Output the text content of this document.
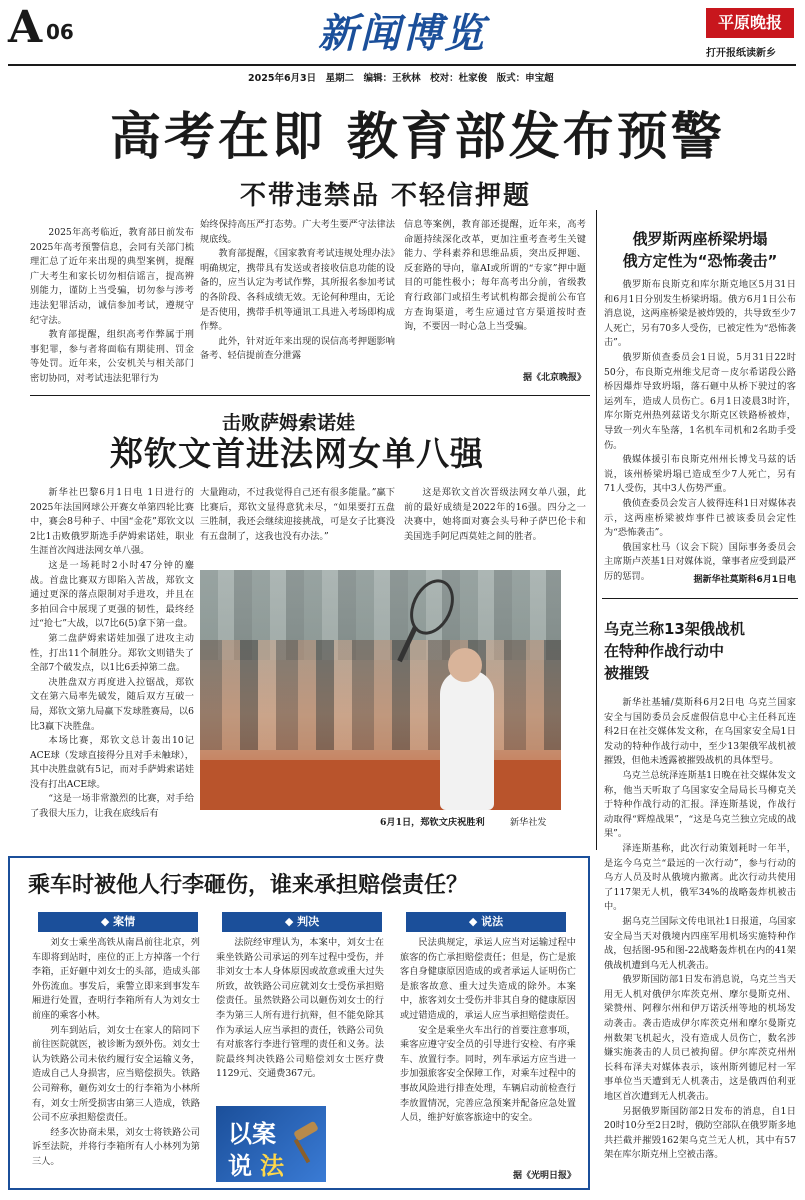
A 06	新闻博览	平原晚报
打开报纸读新乡
2025年6月3日　星期二　编辑：王秋林　校对：杜家俊　版式：申宝超
高考在即 教育部发布预警
不带违禁品 不轻信押题

2025年高考临近，教育部日前发布2025年高考预警信息，会同有关部门梳理汇总了近年来出现的典型案例，提醒广大考生和家长切勿相信谣言，提高辨别能力，谨防上当受骗，切勿参与涉考违法犯罪活动，诚信参加考试，遵规守纪守法。

教育部提醒，组织高考作弊属于刑事犯罪，参与者将面临有期徒刑、罚金等处罚。近年来，公安机关与相关部门密切协同，对考试违法犯罪行为

始终保持高压严打态势。广大考生要严守法律法规底线。

教育部提醒，《国家教育考试违规处理办法》明确规定，携带具有发送或者接收信息功能的设备的，应当认定为考试作弊，其所报名参加考试的各阶段、各科成绩无效。无论何种理由，无论是否使用，携带手机等通讯工具进入考场即构成作弊。

此外，针对近年来出现的误信高考押题影响备考、轻信提前查分泄露

信息等案例，教育部还提醒，近年来，高考命题持续深化改革，更加注重考查考生关键能力、学科素养和思维品质，突出反押题、反套路的导向，靠AI或所谓的“专家”押中题目的可能性极小；每年高考出分前，省级教育行政部门或招生考试机构都会提前公布官方查询渠道，考生应通过官方渠道按时查询，不要因一时心急上当受骗。

据《北京晚报》
击败萨姆索诺娃
郑钦文首进法网女单八强

新华社巴黎6月1日电 1日进行的2025年法国网球公开赛女单第四轮比赛中，赛会8号种子、中国“金花”郑钦文以2比1击败俄罗斯选手萨姆索诺娃，职业生涯首次闯进法网女单八强。

这是一场耗时2小时47分钟的鏖战。首盘比赛双方即陷入苦战，郑钦文通过更深的落点限制对手进攻，并且在多拍回合中展现了更强的韧性，最终经过“抢七”大战，以7比6(5)拿下第一盘。

第二盘萨姆索诺娃加强了进攻主动性，打出11个制胜分。郑钦文则错失了全部7个破发点，以1比6丢掉第二盘。

决胜盘双方再度进入拉锯战，郑钦文在第六局率先破发，随后双方互破一局，郑钦文第九局赢下发球胜赛局，以6比3赢下决胜盘。

本场比赛，郑钦文总计轰出10记ACE球（发球直接得分且对手未触球），其中决胜盘就有5记，而对手萨姆索诺娃没有打出ACE球。

“这是一场非常激烈的比赛，对手给了我很大压力，让我在底线后有

大量跑动，不过我觉得自己还有很多能量。”赢下比赛后，郑钦文显得意犹未尽，“如果要打五盘三胜制，我还会继续迎接挑战，可是女子比赛没有五盘制了，这我也没有办法。”

这是郑钦文首次晋级法网女单八强，此前的最好成绩是2022年的16强。四分之一决赛中，她将面对赛会头号种子萨巴伦卡和美国选手阿尼西莫娃之间的胜者。

6月1日，郑钦文庆祝胜利	新华社发
俄罗斯两座桥梁坍塌
俄方定性为“恐怖袭击”

俄罗斯布良斯克和库尔斯克地区5月31日和6月1日分别发生桥梁坍塌。俄方6月1日公布消息说，这两座桥梁是被炸毁的，共导致至少7人死亡，另有70多人受伤，已被定性为“恐怖袭击”。

俄罗斯侦查委员会1日说，5月31日22时50分，布良斯克州维戈尼奇－皮尔希诺段公路桥因爆炸导致坍塌，落石砸中从桥下驶过的客运列车，造成人员伤亡。6月1日凌晨3时许，库尔斯克州热列兹诺戈尔斯克区铁路桥被炸，导致一列火车坠落，1名机车司机和2名助手受伤。

俄媒体援引布良斯克州州长博戈马兹的话说，该州桥梁坍塌已造成至少7人死亡，另有71人受伤，其中3人伤势严重。

俄侦查委员会发言人彼得连科1日对媒体表示，这两座桥梁被炸事件已被该委员会定性为“恐怖袭击”。

俄国家杜马（议会下院）国际事务委员会主席斯卢茨基1日对媒体说，肇事者应受到最严厉的惩罚。	据新华社莫斯科6月1日电
乌克兰称13架俄战机
在特种作战行动中
被摧毁

新华社基辅/莫斯科6月2日电 乌克兰国家安全与国防委员会反虚假信息中心主任科瓦连科2日在社交媒体发文称，在乌国家安全局1日发动的特种作战行动中，至少13架俄军战机被摧毁，但他未透露被摧毁战机的具体型号。

乌克兰总统泽连斯基1日晚在社交媒体发文称，他当天听取了乌国家安全局局长马柳克关于特种作战行动的汇报。泽连斯基说，作战行动取得“辉煌战果”，“这是乌克兰独立完成的战果”。

泽连斯基称，此次行动策划耗时一年半，是迄今乌克兰“最远的一次行动”，参与行动的乌方人员及时从俄境内撤离。此次行动共使用了117架无人机，俄军34%的战略轰炸机被击中。

据乌克兰国际文传电讯社1日报道，乌国家安全局当天对俄境内四座军用机场实施特种作战，包括图-95和图-22战略轰炸机在内的41架俄战机遭到乌无人机袭击。

俄罗斯国防部1日发布消息说，乌克兰当天用无人机对俄伊尔库茨克州、摩尔曼斯克州、梁赞州、阿穆尔州和伊万诺沃州等地的机场发动袭击。袭击造成伊尔库茨克州和摩尔曼斯克州数架飞机起火，没有造成人员伤亡，数名涉嫌实施袭击的人员已被拘留。伊尔库茨克州州长科布泽夫对媒体表示，该州斯列德尼村一军事单位当天遭到无人机袭击，这是俄西伯利亚地区首次遭到无人机袭击。

另据俄罗斯国防部2日发布的消息，自1日20时10分至2日2时，俄防空部队在俄罗斯多地共拦截并摧毁162架乌克兰无人机，其中有57架在库尔斯克州上空被击落。

乘车时被他人行李砸伤，谁来承担赔偿责任？
◆ 案情	◆ 判决	◆ 说法

刘女士乘坐高铁从南昌前往北京，列车即将到站时，座位的正上方掉落一个行李箱，正好砸中刘女士的头部，造成头部外伤流血。事发后，乘警立即来到事发车厢进行处置，查明行李箱所有人为刘女士前座的乘客小林。

列车到站后，刘女士在家人的陪同下前往医院就医，被诊断为颈外伤。刘女士认为铁路公司未依约履行安全运输义务，造成自己人身损害，应当赔偿损失。铁路公司辩称，砸伤刘女士的行李箱为小林所有，刘女士所受损害由第三人造成，铁路公司不应承担赔偿责任。

经多次协商未果，刘女士将铁路公司诉至法院，并将行李箱所有人小林列为第三人。

法院经审理认为，本案中，刘女士在乘坐铁路公司承运的列车过程中受伤，并非刘女士本人身体原因或故意或重大过失所致，故铁路公司应就刘女士受伤承担赔偿责任。虽然铁路公司以砸伤刘女士的行李为第三人所有进行抗辩，但不能免除其作为承运人应当承担的责任，铁路公司负有对旅客行李进行管理的责任和义务。法院最终判决铁路公司赔偿刘女士医疗费1129元、交通费367元。

民法典规定，承运人应当对运输过程中旅客的伤亡承担赔偿责任；但是，伤亡是旅客自身健康原因造成的或者承运人证明伤亡是旅客故意、重大过失造成的除外。本案中，旅客刘女士受伤并非其自身的健康原因或过错造成的，承运人应当承担赔偿责任。

安全是乘坐火车出行的首要注意事项，乘客应遵守安全员的引导进行安检、有序乘车、放置行李。同时，列车承运方应当进一步加强旅客安全保障工作，对乘车过程中的事故风险进行排查处理，车辆启动前检查行李放置情况，完善应急预案并配备应急处置人员，维护好旅客旅途中的安全。

据《光明日报》
以案
说 法
